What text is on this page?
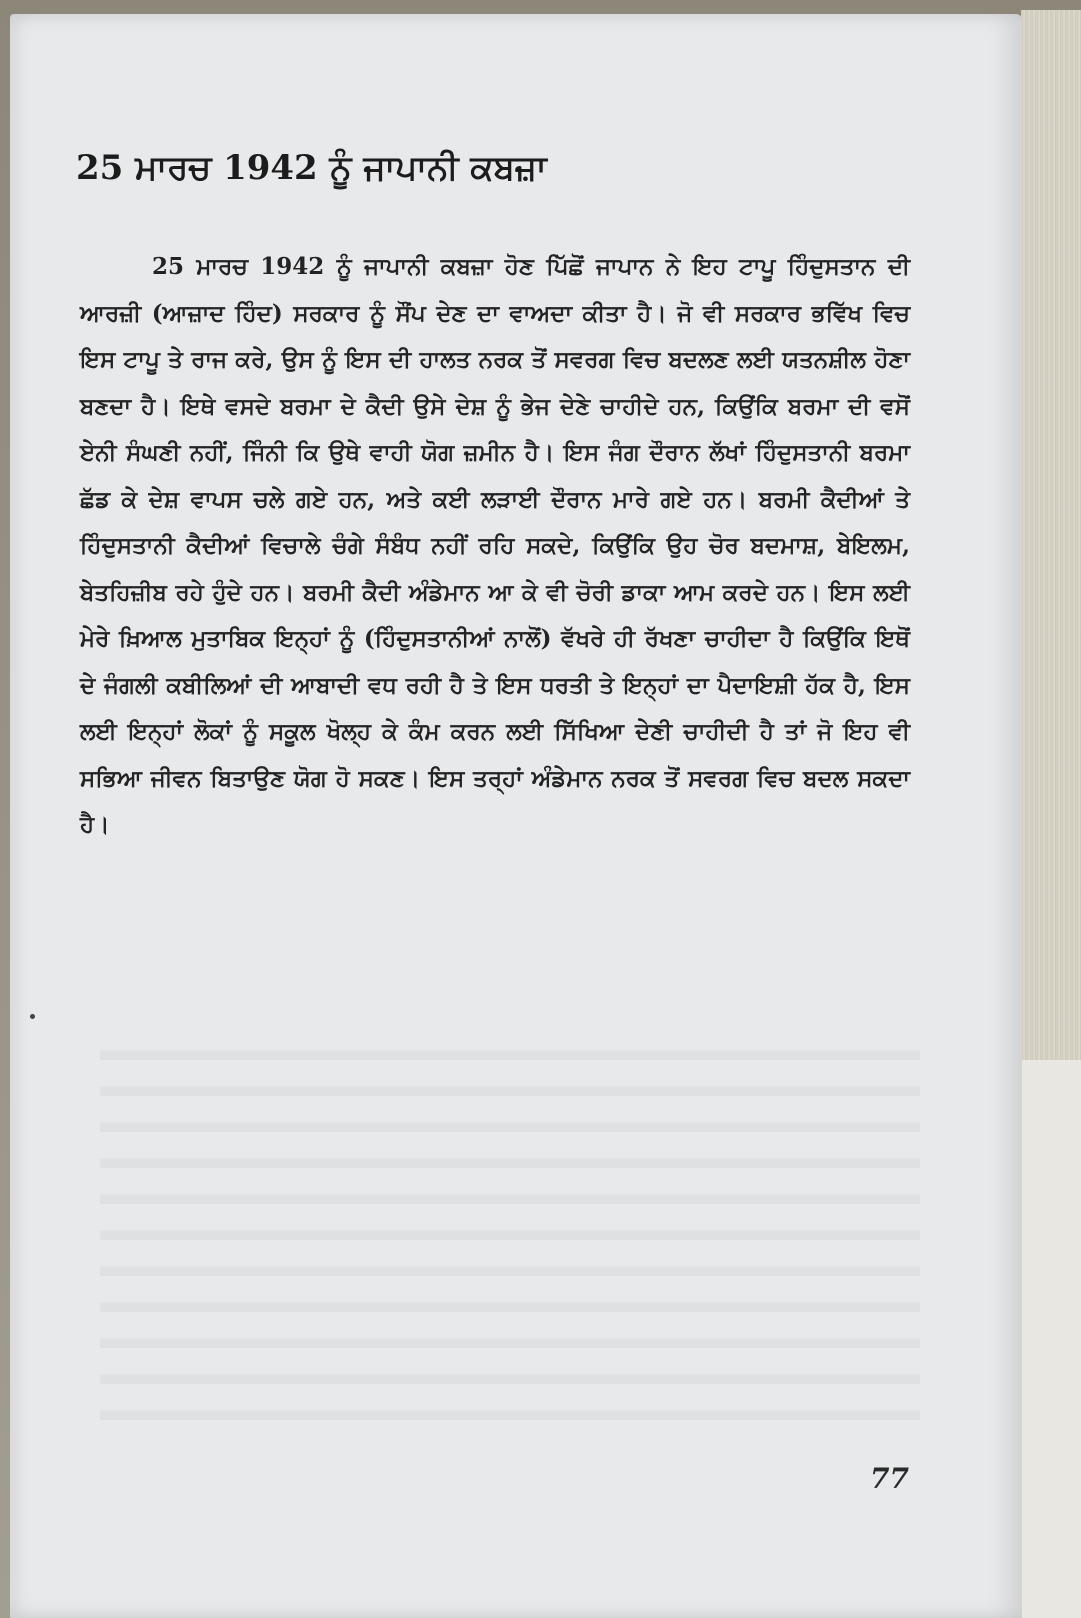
25 ਮਾਰਚ 1942 ਨੂੰ ਜਾਪਾਨੀ ਕਬਜ਼ਾ

25 ਮਾਰਚ 1942 ਨੂੰ ਜਾਪਾਨੀ ਕਬਜ਼ਾ ਹੋਣ ਪਿੱਛੋਂ ਜਾਪਾਨ ਨੇ ਇਹ ਟਾਪੂ ਹਿੰਦੁਸਤਾਨ ਦੀ ਆਰਜ਼ੀ (ਆਜ਼ਾਦ ਹਿੰਦ) ਸਰਕਾਰ ਨੂੰ ਸੌਂਪ ਦੇਣ ਦਾ ਵਾਅਦਾ ਕੀਤਾ ਹੈ। ਜੋ ਵੀ ਸਰਕਾਰ ਭਵਿੱਖ ਵਿਚ ਇਸ ਟਾਪੂ ਤੇ ਰਾਜ ਕਰੇ, ਉਸ ਨੂੰ ਇਸ ਦੀ ਹਾਲਤ ਨਰਕ ਤੋਂ ਸਵਰਗ ਵਿਚ ਬਦਲਣ ਲਈ ਯਤਨਸ਼ੀਲ ਹੋਣਾ ਬਣਦਾ ਹੈ। ਇਥੇ ਵਸਦੇ ਬਰਮਾ ਦੇ ਕੈਦੀ ਉਸੇ ਦੇਸ਼ ਨੂੰ ਭੇਜ ਦੇਣੇ ਚਾਹੀਦੇ ਹਨ, ਕਿਉਂਕਿ ਬਰਮਾ ਦੀ ਵਸੋਂ ਏਨੀ ਸੰਘਣੀ ਨਹੀਂ, ਜਿੰਨੀ ਕਿ ਉਥੇ ਵਾਹੀ ਯੋਗ ਜ਼ਮੀਨ ਹੈ। ਇਸ ਜੰਗ ਦੌਰਾਨ ਲੱਖਾਂ ਹਿੰਦੁਸਤਾਨੀ ਬਰਮਾ ਛੱਡ ਕੇ ਦੇਸ਼ ਵਾਪਸ ਚਲੇ ਗਏ ਹਨ, ਅਤੇ ਕਈ ਲੜਾਈ ਦੌਰਾਨ ਮਾਰੇ ਗਏ ਹਨ। ਬਰਮੀ ਕੈਦੀਆਂ ਤੇ ਹਿੰਦੁਸਤਾਨੀ ਕੈਦੀਆਂ ਵਿਚਾਲੇ ਚੰਗੇ ਸੰਬੰਧ ਨਹੀਂ ਰਹਿ ਸਕਦੇ, ਕਿਉਂਕਿ ਉਹ ਚੋਰ ਬਦਮਾਸ਼, ਬੇਇਲਮ, ਬੇਤਹਿਜ਼ੀਬ ਰਹੇ ਹੁੰਦੇ ਹਨ। ਬਰਮੀ ਕੈਦੀ ਅੰਡੇਮਾਨ ਆ ਕੇ ਵੀ ਚੋਰੀ ਡਾਕਾ ਆਮ ਕਰਦੇ ਹਨ। ਇਸ ਲਈ ਮੇਰੇ ਖ਼ਿਆਲ ਮੁਤਾਬਿਕ ਇਨ੍ਹਾਂ ਨੂੰ (ਹਿੰਦੁਸਤਾਨੀਆਂ ਨਾਲੋਂ) ਵੱਖਰੇ ਹੀ ਰੱਖਣਾ ਚਾਹੀਦਾ ਹੈ ਕਿਉਂਕਿ ਇਥੋਂ ਦੇ ਜੰਗਲੀ ਕਬੀਲਿਆਂ ਦੀ ਆਬਾਦੀ ਵਧ ਰਹੀ ਹੈ ਤੇ ਇਸ ਧਰਤੀ ਤੇ ਇਨ੍ਹਾਂ ਦਾ ਪੈਦਾਇਸ਼ੀ ਹੱਕ ਹੈ, ਇਸ ਲਈ ਇਨ੍ਹਾਂ ਲੋਕਾਂ ਨੂੰ ਸਕੂਲ ਖੋਲ੍ਹ ਕੇ ਕੰਮ ਕਰਨ ਲਈ ਸਿੱਖਿਆ ਦੇਣੀ ਚਾਹੀਦੀ ਹੈ ਤਾਂ ਜੋ ਇਹ ਵੀ ਸਭਿਆ ਜੀਵਨ ਬਿਤਾਉਣ ਯੋਗ ਹੋ ਸਕਣ। ਇਸ ਤਰ੍ਹਾਂ ਅੰਡੇਮਾਨ ਨਰਕ ਤੋਂ ਸਵਰਗ ਵਿਚ ਬਦਲ ਸਕਦਾ ਹੈ।

77
